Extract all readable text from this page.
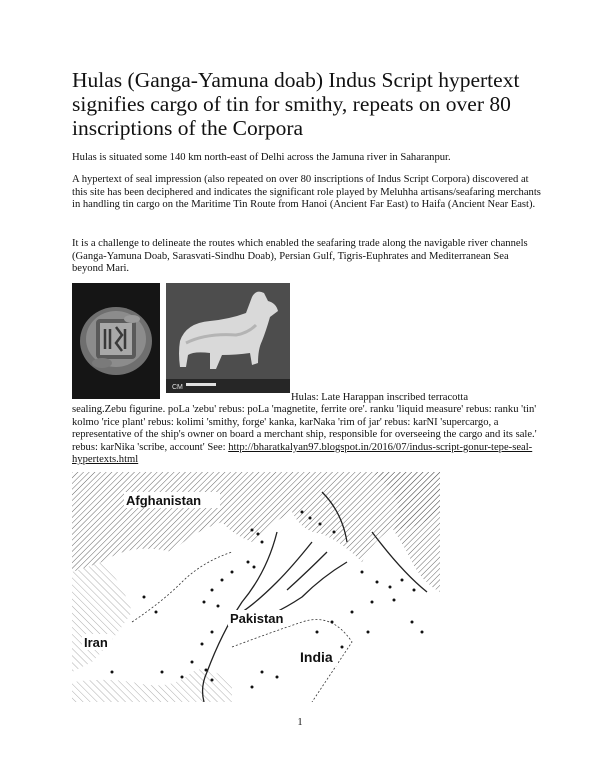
Hulas (Ganga-Yamuna doab) Indus Script hypertext signifies cargo of tin for smithy, repeats on over 80 inscriptions of the Corpora

Hulas is situated some 140 km north-east of Delhi across the Jamuna river in Saharanpur.

A hypertext of seal impression (also repeated on over 80 inscriptions of Indus Script Corpora) discovered at this site has been deciphered and indicates the significant role played by Meluhha artisans/seafaring merchants in handling tin cargo on the Maritime Tin Route from Hanoi (Ancient Far East) to Haifa (Ancient Near East).

It is a challenge to delineate the routes which enabled the seafaring trade along the navigable river channels (Ganga-Yamuna Doab, Sarasvati-Sindhu Doab), Persian Gulf, Tigris-Euphrates and Mediterranean Sea beyond Mari.

CM
Hulas: Late Harappan inscribed terracotta
sealing.Zebu figurine. poLa 'zebu' rebus: poLa 'magnetite, ferrite ore'. ranku 'liquid measure' rebus: ranku 'tin' kolmo 'rice plant' rebus: kolimi 'smithy, forge' kanka, karNaka 'rim of jar' rebus: karNI 'supercargo, a representative of the ship's owner on board a merchant ship, responsible for overseeing the cargo and its sale.' rebus: karNika 'scribe, account' See: http://bharatkalyan97.blogspot.in/2016/07/indus-script-gonur-tepe-seal-hypertexts.html
Afghanistan
Pakistan
Iran
India
1
